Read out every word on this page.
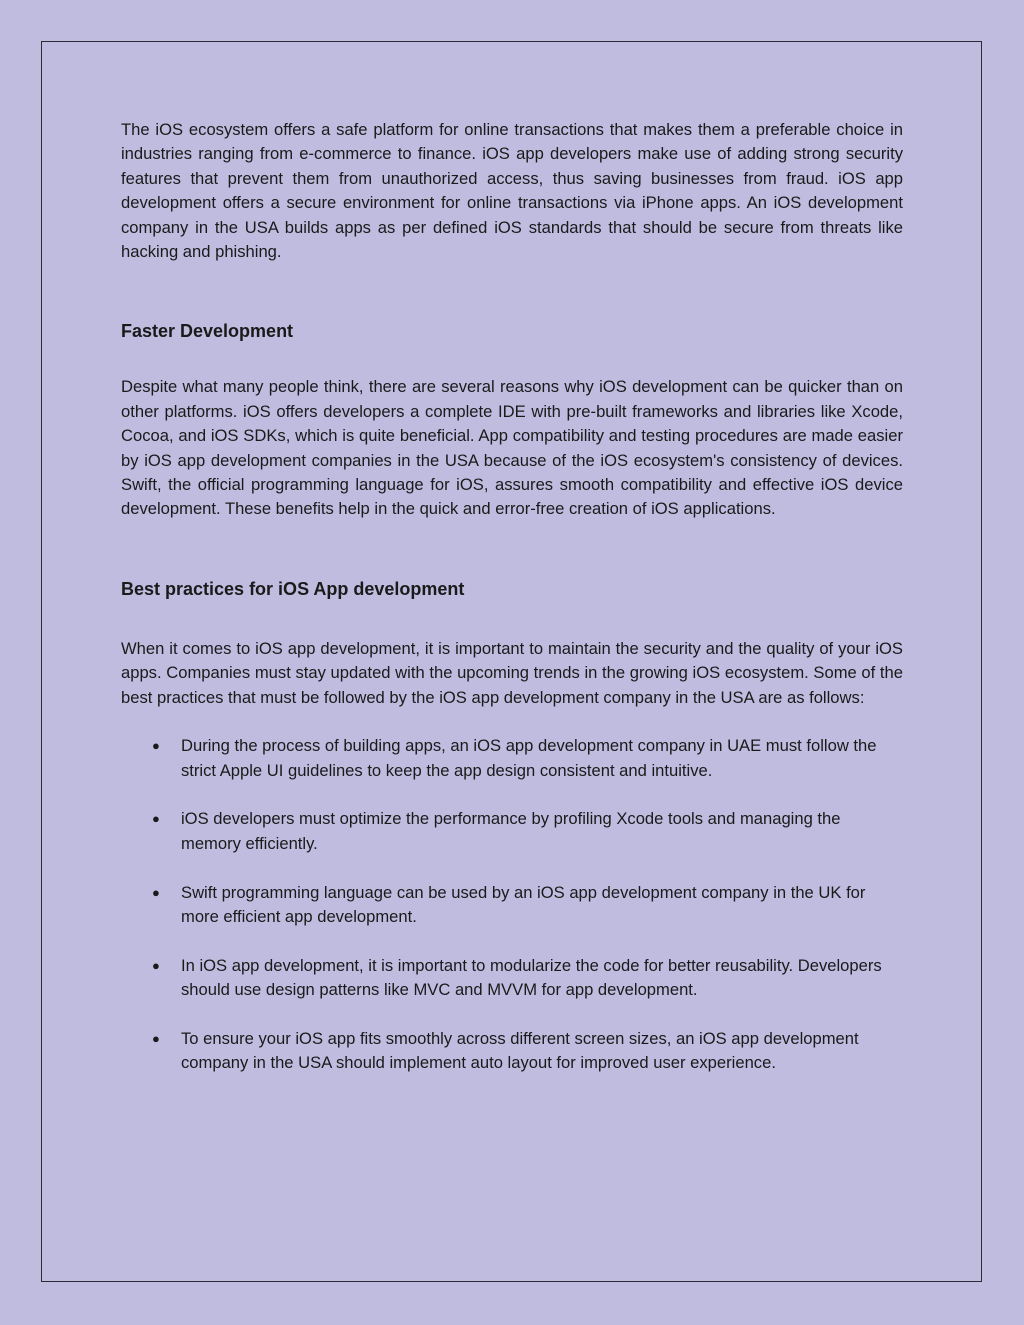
The iOS ecosystem offers a safe platform for online transactions that makes them a preferable choice in industries ranging from e-commerce to finance. iOS app developers make use of adding strong security features that prevent them from unauthorized access, thus saving businesses from fraud. iOS app development offers a secure environment for online transactions via iPhone apps. An iOS development company in the USA builds apps as per defined iOS standards that should be secure from threats like hacking and phishing.

Faster Development

Despite what many people think, there are several reasons why iOS development can be quicker than on other platforms. iOS offers developers a complete IDE with pre-built frameworks and libraries like Xcode, Cocoa, and iOS SDKs, which is quite beneficial. App compatibility and testing procedures are made easier by iOS app development companies in the USA because of the iOS ecosystem's consistency of devices. Swift, the official programming language for iOS, assures smooth compatibility and effective iOS device development. These benefits help in the quick and error-free creation of iOS applications.

Best practices for iOS App development

When it comes to iOS app development, it is important to maintain the security and the quality of your iOS apps. Companies must stay updated with the upcoming trends in the growing iOS ecosystem. Some of the best practices that must be followed by the iOS app development company in the USA are as follows:

● During the process of building apps, an iOS app development company in UAE must follow the strict Apple UI guidelines to keep the app design consistent and intuitive.
● iOS developers must optimize the performance by profiling Xcode tools and managing the memory efficiently.
● Swift programming language can be used by an iOS app development company in the UK for more efficient app development.
● In iOS app development, it is important to modularize the code for better reusability. Developers should use design patterns like MVC and MVVM for app development.
● To ensure your iOS app fits smoothly across different screen sizes, an iOS app development company in the USA should implement auto layout for improved user experience.
